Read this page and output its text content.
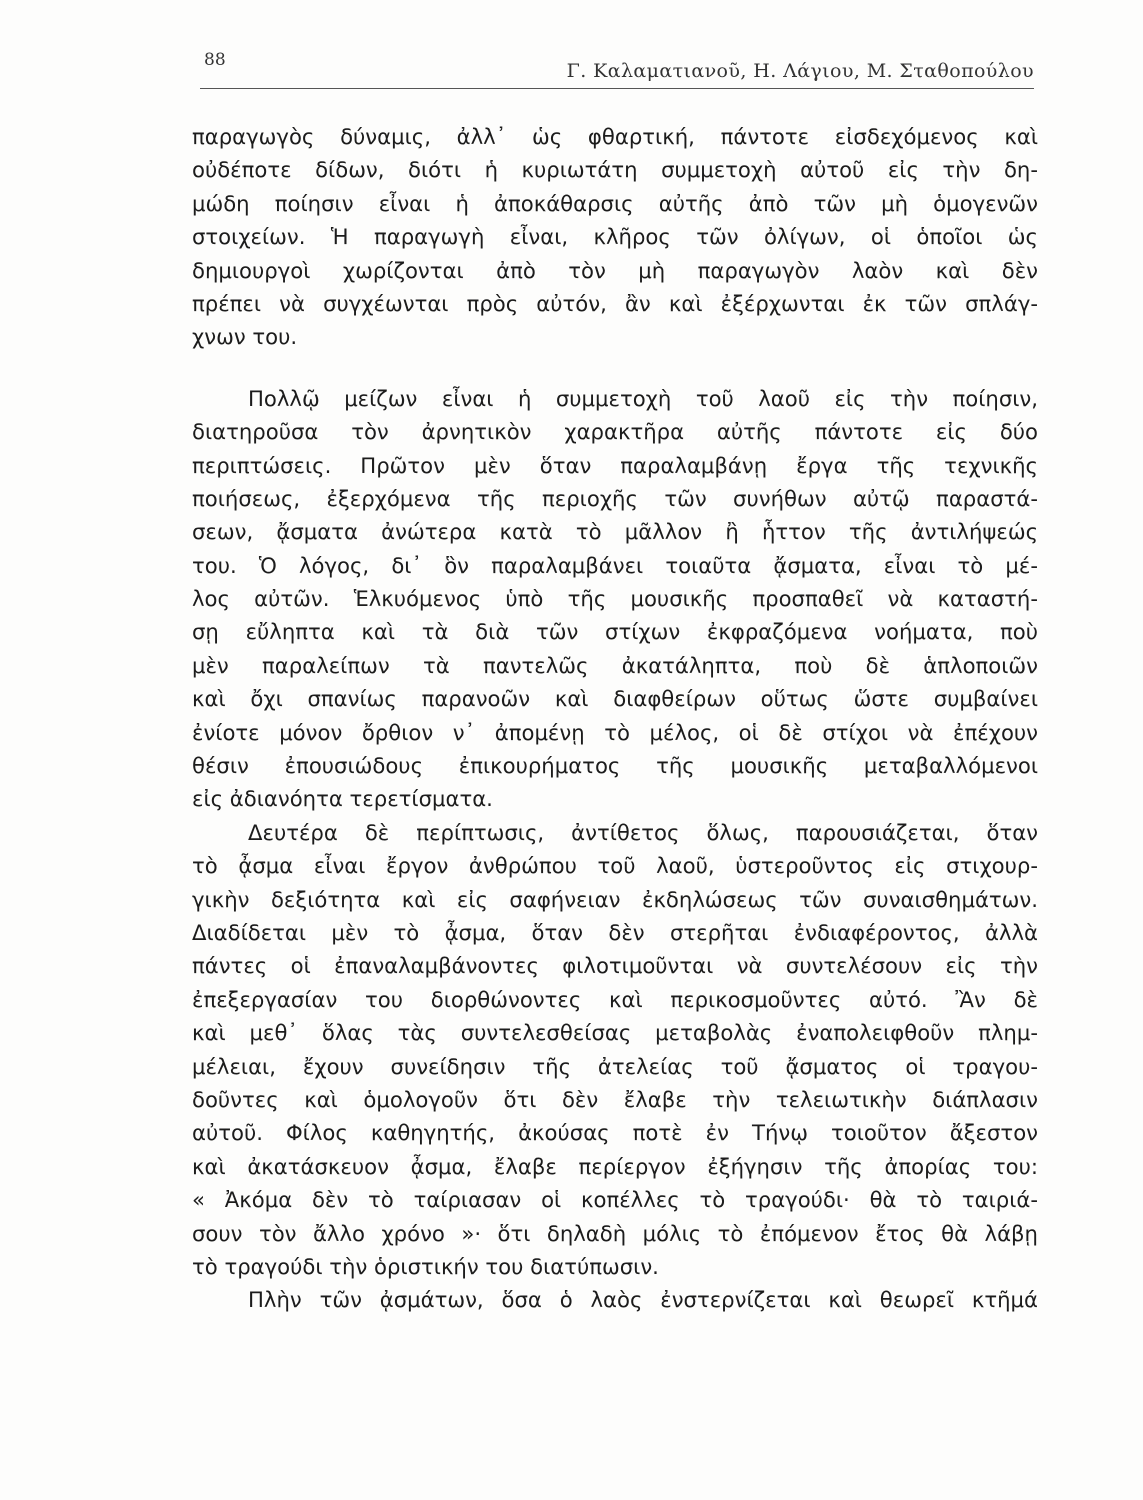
88	Γ. Καλαματιανοῦ, Η. Λάγιου, Μ. Σταθοπούλου
παραγωγὸς δύναμις, ἀλλ᾽ ὡς φθαρτική, πάντοτε εἰσδεχόμενος καὶ
οὐδέποτε δίδων, διότι ἡ κυριωτάτη συμμετοχὴ αὐτοῦ εἰς τὴν δη-
μώδη ποίησιν εἶναι ἡ ἀποκάθαρσις αὐτῆς ἀπὸ τῶν μὴ ὁμογενῶν
στοιχείων. Ἡ παραγωγὴ εἶναι, κλῆρος τῶν ὀλίγων, οἱ ὁποῖοι ὡς
δημιουργοὶ χωρίζονται ἀπὸ τὸν μὴ παραγωγὸν λαὸν καὶ δὲν
πρέπει νὰ συγχέωνται πρὸς αὐτόν, ἂν καὶ ἐξέρχωνται ἐκ τῶν σπλάγ-
χνων του.
Πολλῷ μείζων εἶναι ἡ συμμετοχὴ τοῦ λαοῦ εἰς τὴν ποίησιν,
διατηροῦσα τὸν ἀρνητικὸν χαρακτῆρα αὐτῆς πάντοτε εἰς δύο
περιπτώσεις. Πρῶτον μὲν ὅταν παραλαμβάνῃ ἔργα τῆς τεχνικῆς
ποιήσεως, ἐξερχόμενα τῆς περιοχῆς τῶν συνήθων αὐτῷ παραστά-
σεων, ᾄσματα ἀνώτερα κατὰ τὸ μᾶλλον ἢ ἧττον τῆς ἀντιλήψεώς
του. Ὁ λόγος, δι᾽ ὃν παραλαμβάνει τοιαῦτα ᾄσματα, εἶναι τὸ μέ-
λος αὐτῶν. Ἑλκυόμενος ὑπὸ τῆς μουσικῆς προσπαθεῖ νὰ καταστή-
σῃ εὔληπτα καὶ τὰ διὰ τῶν στίχων ἐκφραζόμενα νοήματα, ποὺ
μὲν παραλείπων τὰ παντελῶς ἀκατάληπτα, ποὺ δὲ ἁπλοποιῶν
καὶ ὄχι σπανίως παρανοῶν καὶ διαφθείρων οὕτως ὥστε συμβαίνει
ἐνίοτε μόνον ὄρθιον ν᾽ ἀπομένῃ τὸ μέλος, οἱ δὲ στίχοι νὰ ἐπέχουν
θέσιν ἐπουσιώδους ἐπικουρήματος τῆς μουσικῆς μεταβαλλόμενοι
εἰς ἀδιανόητα τερετίσματα.
Δευτέρα δὲ περίπτωσις, ἀντίθετος ὅλως, παρουσιάζεται, ὅταν
τὸ ᾆσμα εἶναι ἔργον ἀνθρώπου τοῦ λαοῦ, ὑστεροῦντος εἰς στιχουρ-
γικὴν δεξιότητα καὶ εἰς σαφήνειαν ἐκδηλώσεως τῶν συναισθημάτων.
Διαδίδεται μὲν τὸ ᾆσμα, ὅταν δὲν στερῆται ἐνδιαφέροντος, ἀλλὰ
πάντες οἱ ἐπαναλαμβάνοντες φιλοτιμοῦνται νὰ συντελέσουν εἰς τὴν
ἐπεξεργασίαν του διορθώνοντες καὶ περικοσμοῦντες αὐτό. Ἂν δὲ
καὶ μεθ᾽ ὅλας τὰς συντελεσθείσας μεταβολὰς ἐναπολειφθοῦν πλημ-
μέλειαι, ἔχουν συνείδησιν τῆς ἀτελείας τοῦ ᾄσματος οἱ τραγου-
δοῦντες καὶ ὁμολογοῦν ὅτι δὲν ἔλαβε τὴν τελειωτικὴν διάπλασιν
αὐτοῦ. Φίλος καθηγητής, ἀκούσας ποτὲ ἐν Τήνῳ τοιοῦτον ἄξεστον
καὶ ἀκατάσκευον ᾆσμα, ἔλαβε περίεργον ἐξήγησιν τῆς ἀπορίας του:
« Ἀκόμα δὲν τὸ ταίριασαν οἱ κοπέλλες τὸ τραγούδι· θὰ τὸ ταιριά-
σουν τὸν ἄλλο χρόνο »· ὅτι δηλαδὴ μόλις τὸ ἐπόμενον ἔτος θὰ λάβῃ
τὸ τραγούδι τὴν ὁριστικήν του διατύπωσιν.
Πλὴν τῶν ᾀσμάτων, ὅσα ὁ λαὸς ἐνστερνίζεται καὶ θεωρεῖ κτῆμά
